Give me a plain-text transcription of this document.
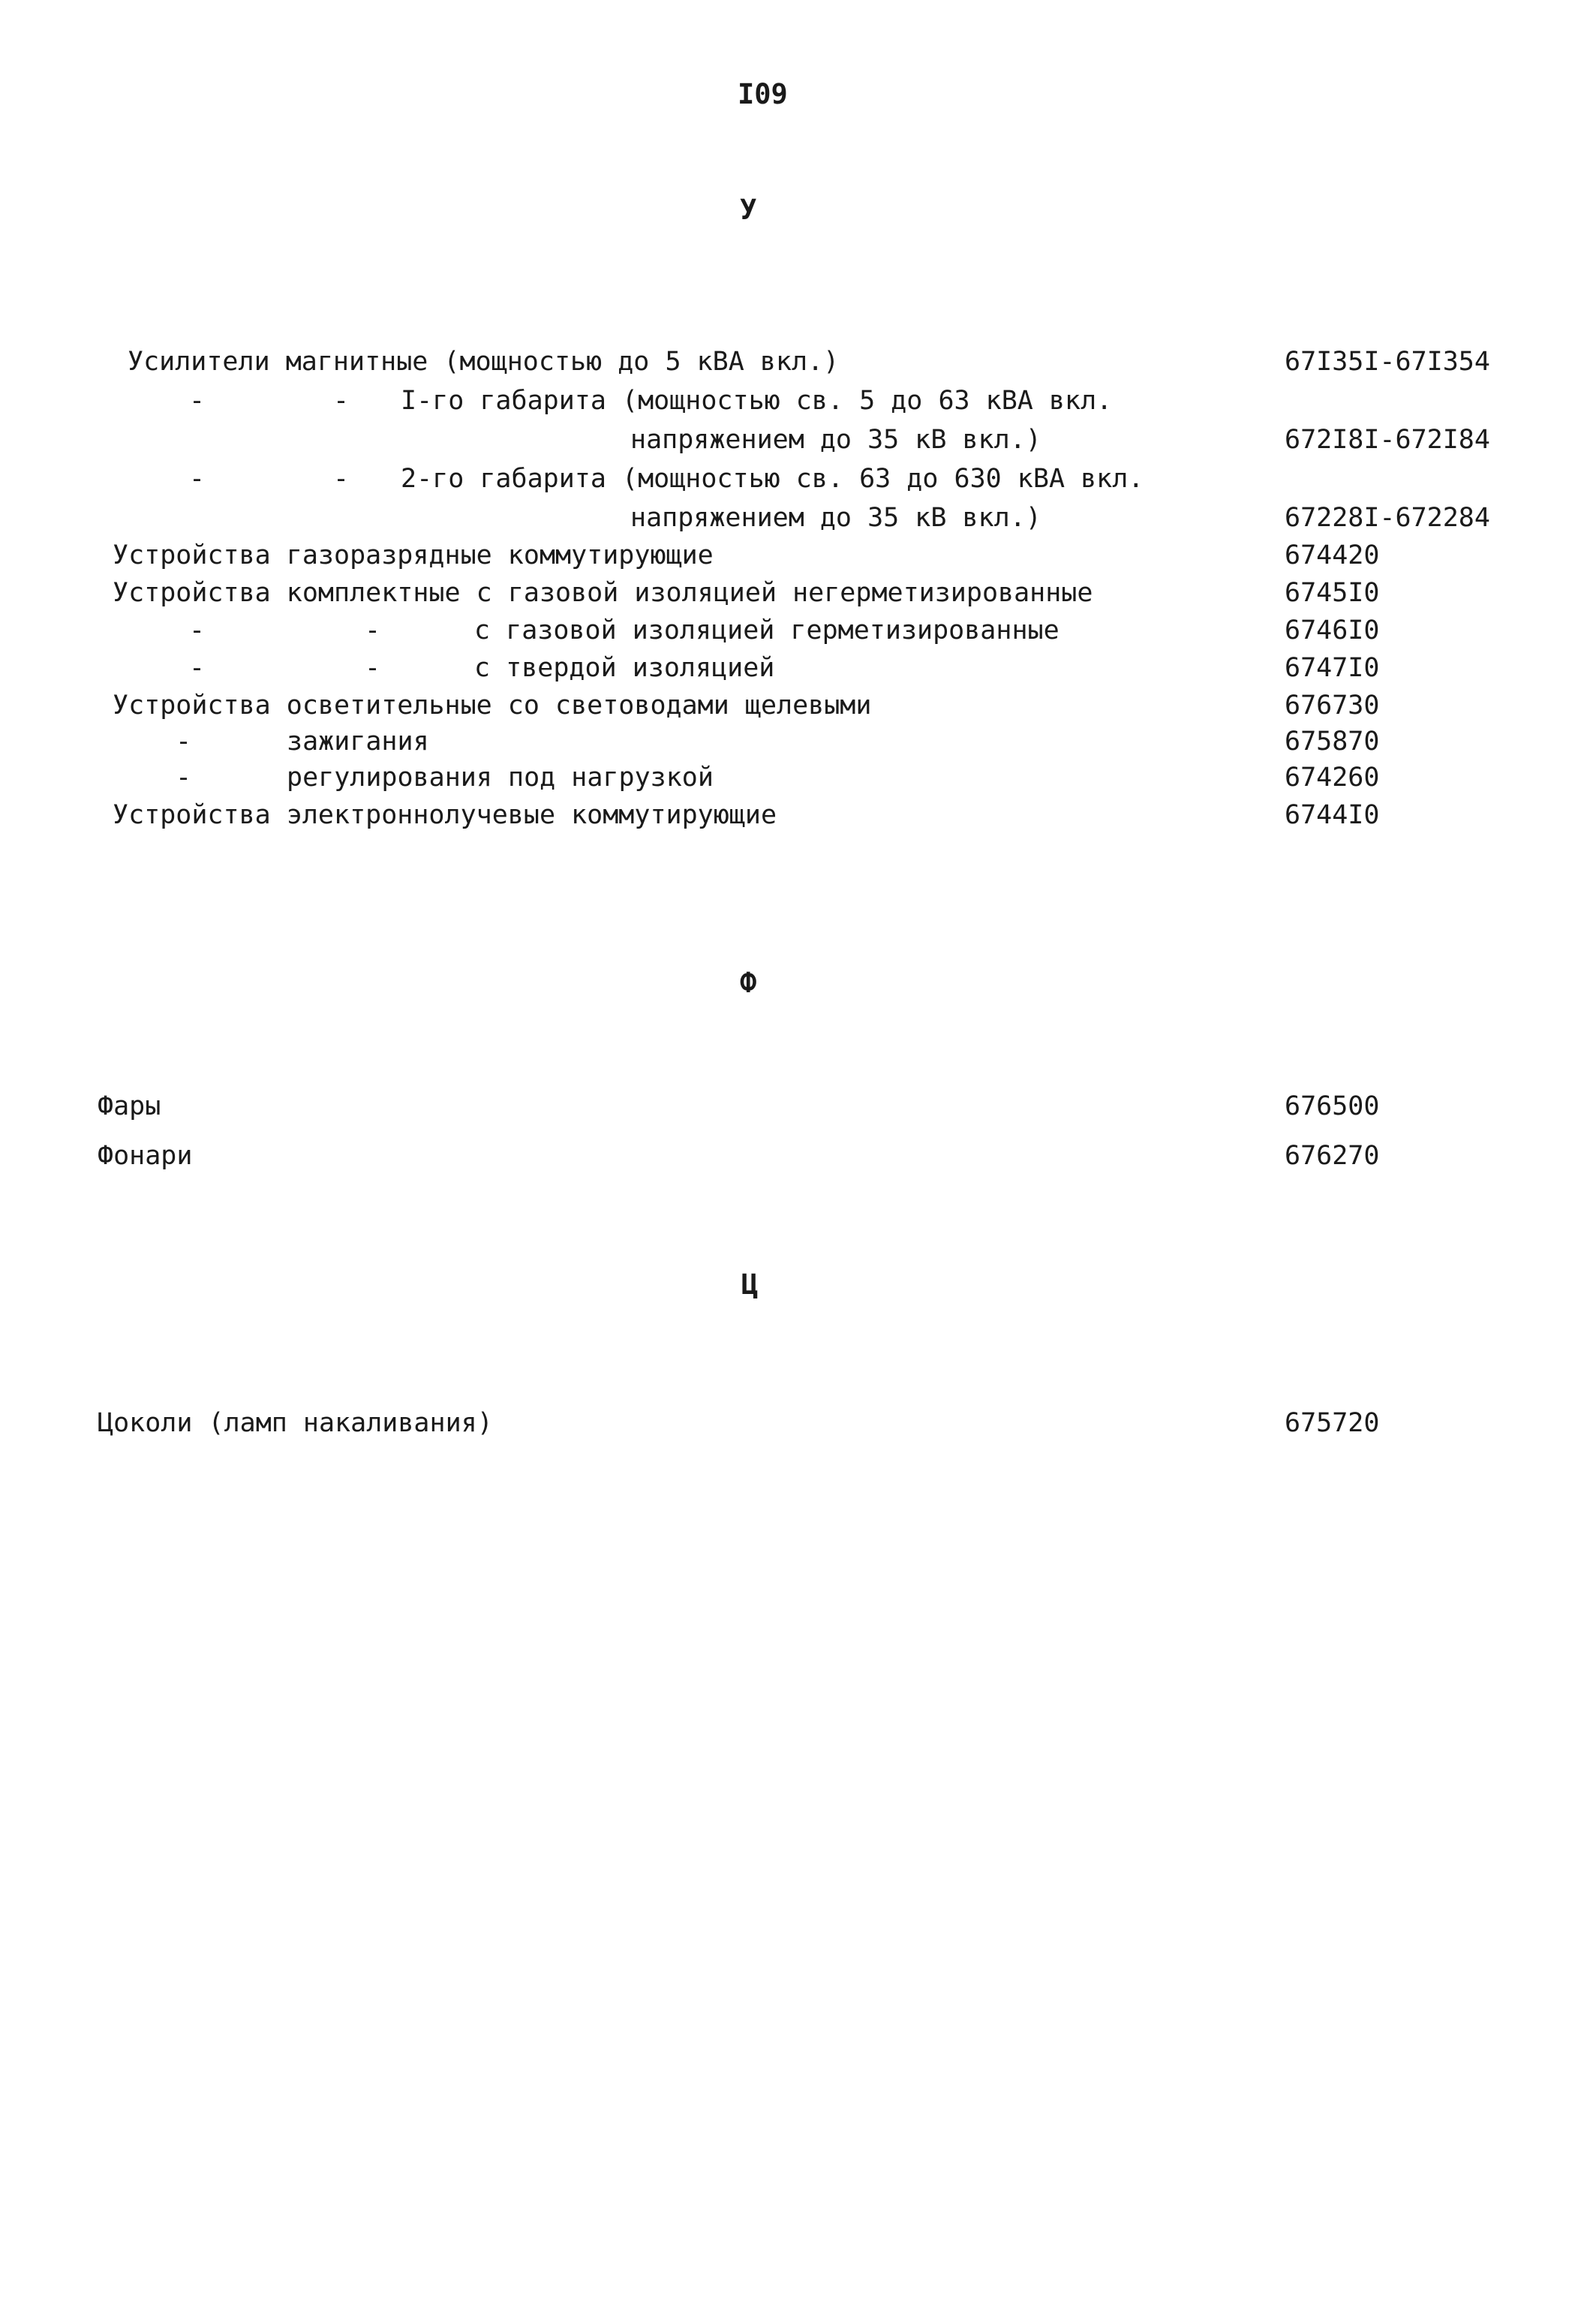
I09
У
Усилители магнитные (мощностью до 5 кВА вкл.)	67I35I-67I354
-	- I-го габарита (мощностью св. 5 до 63 кВА вкл.
напряжением до 35 кВ вкл.)	672I8I-672I84
-	- 2-го габарита (мощностью св. 63 до 630 кВА вкл.
напряжением до 35 кВ вкл.)	67228I-672284
Устройства газоразрядные коммутирующие	674420
Устройства комплектные с газовой изоляцией негерметизированные	6745I0
-	-	с газовой изоляцией герметизированные	6746I0
-	-	с твердой изоляцией	6747I0
Устройства осветительные со световодами щелевыми	676730
-	зажигания	675870
-	регулирования под нагрузкой	674260
Устройства электроннолучевые коммутирующие	6744I0
Ф
Фары	676500
Фонари	676270
Ц
Цоколи (ламп накаливания)	675720
